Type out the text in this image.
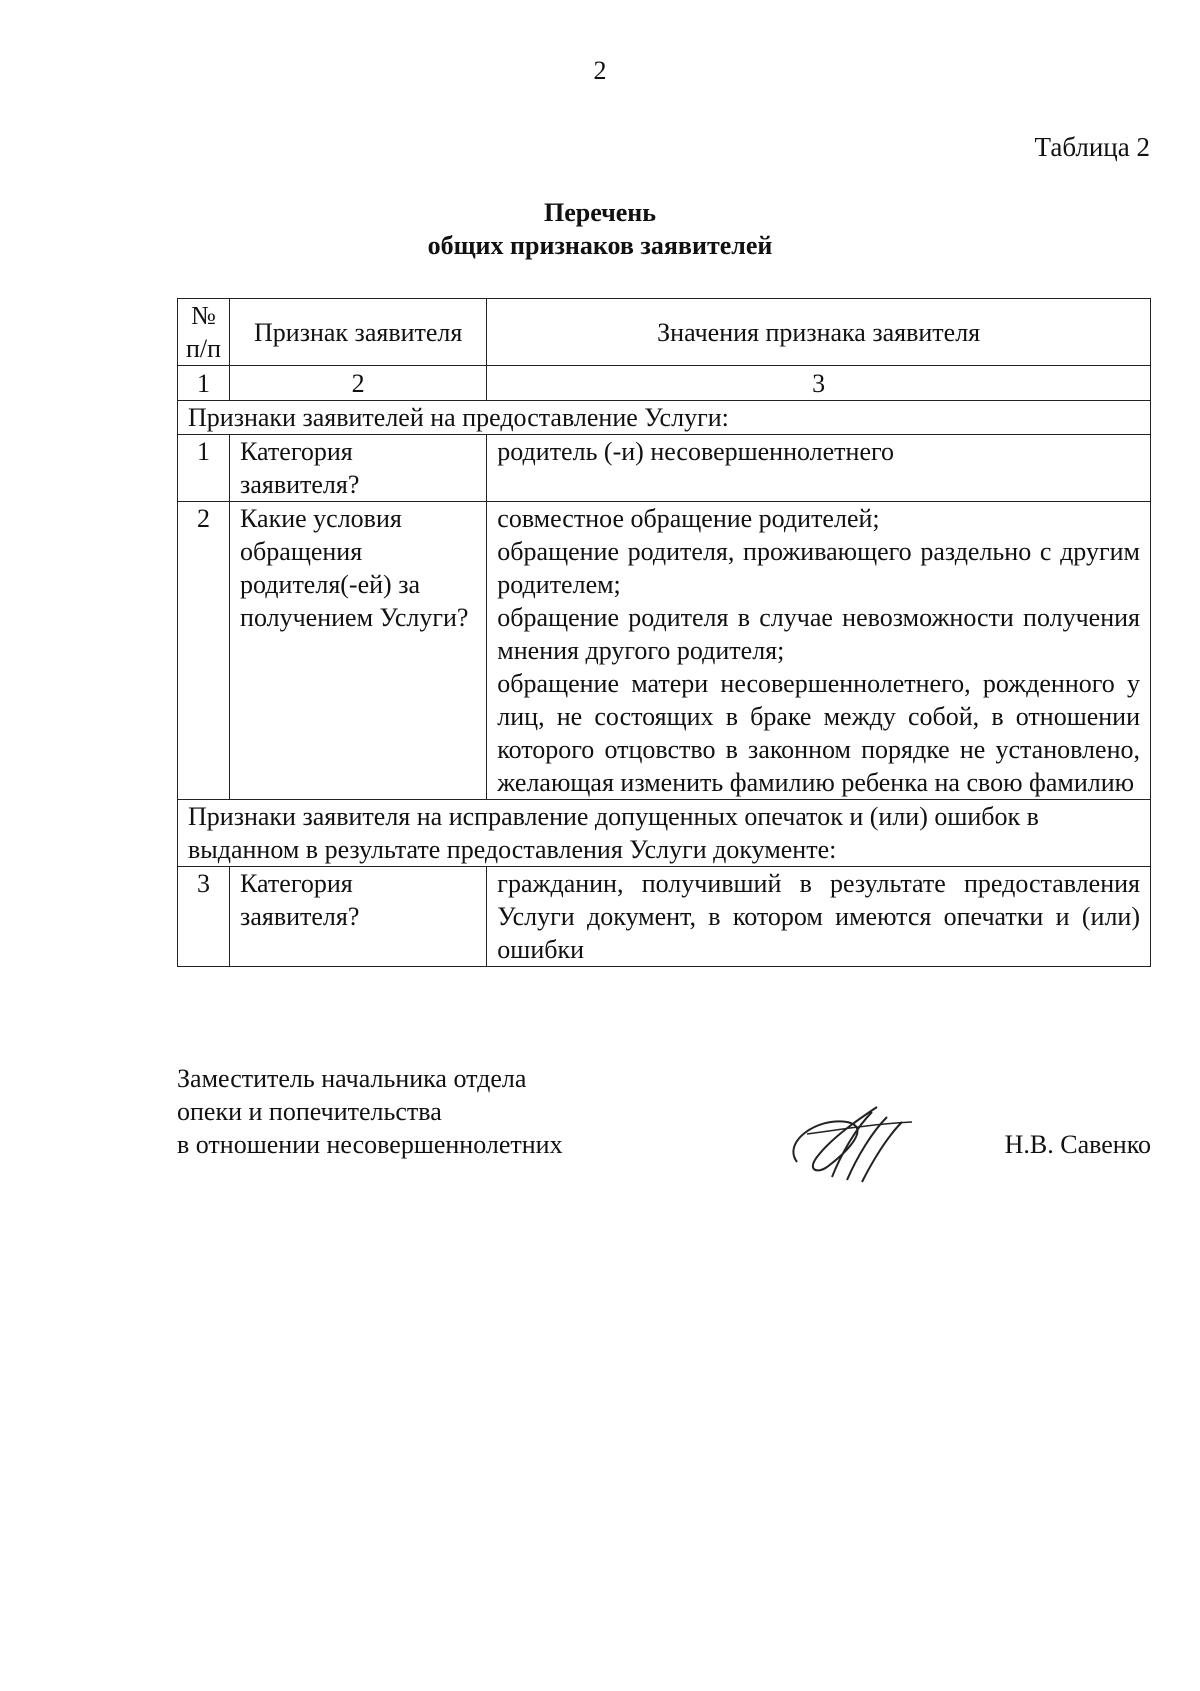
2
Таблица 2
Перечень
общих признаков заявителей
№ п/п	Признак заявителя	Значения признака заявителя
1	2	3
Признаки заявителей на предоставление Услуги:		
1	Категория заявителя?	родитель (-и) несовершеннолетнего

2	Какие условия обращения родителя(-ей) за получением Услуги?	совместное обращение родителей;
обращение родителя, проживающего раздельно с другим родителем;
обращение родителя в случае невозможности получения мнения другого родителя;
обращение матери несовершеннолетнего, рожденного у лиц, не состоящих в браке между собой, в отношении которого отцовство в законном порядке не установлено, желающая изменить фамилию ребенка на свою фамилию

Признаки заявителя на исправление допущенных опечаток и (или) ошибок в выданном в результате предоставления Услуги документе:		
3	Категория заявителя?	гражданин, получивший в результате предоставления Услуги документ, в котором имеются опечатки и (или) ошибки
Заместитель начальника отдела
опеки и попечительства
в отношении несовершеннолетних	Н.В. Савенко
